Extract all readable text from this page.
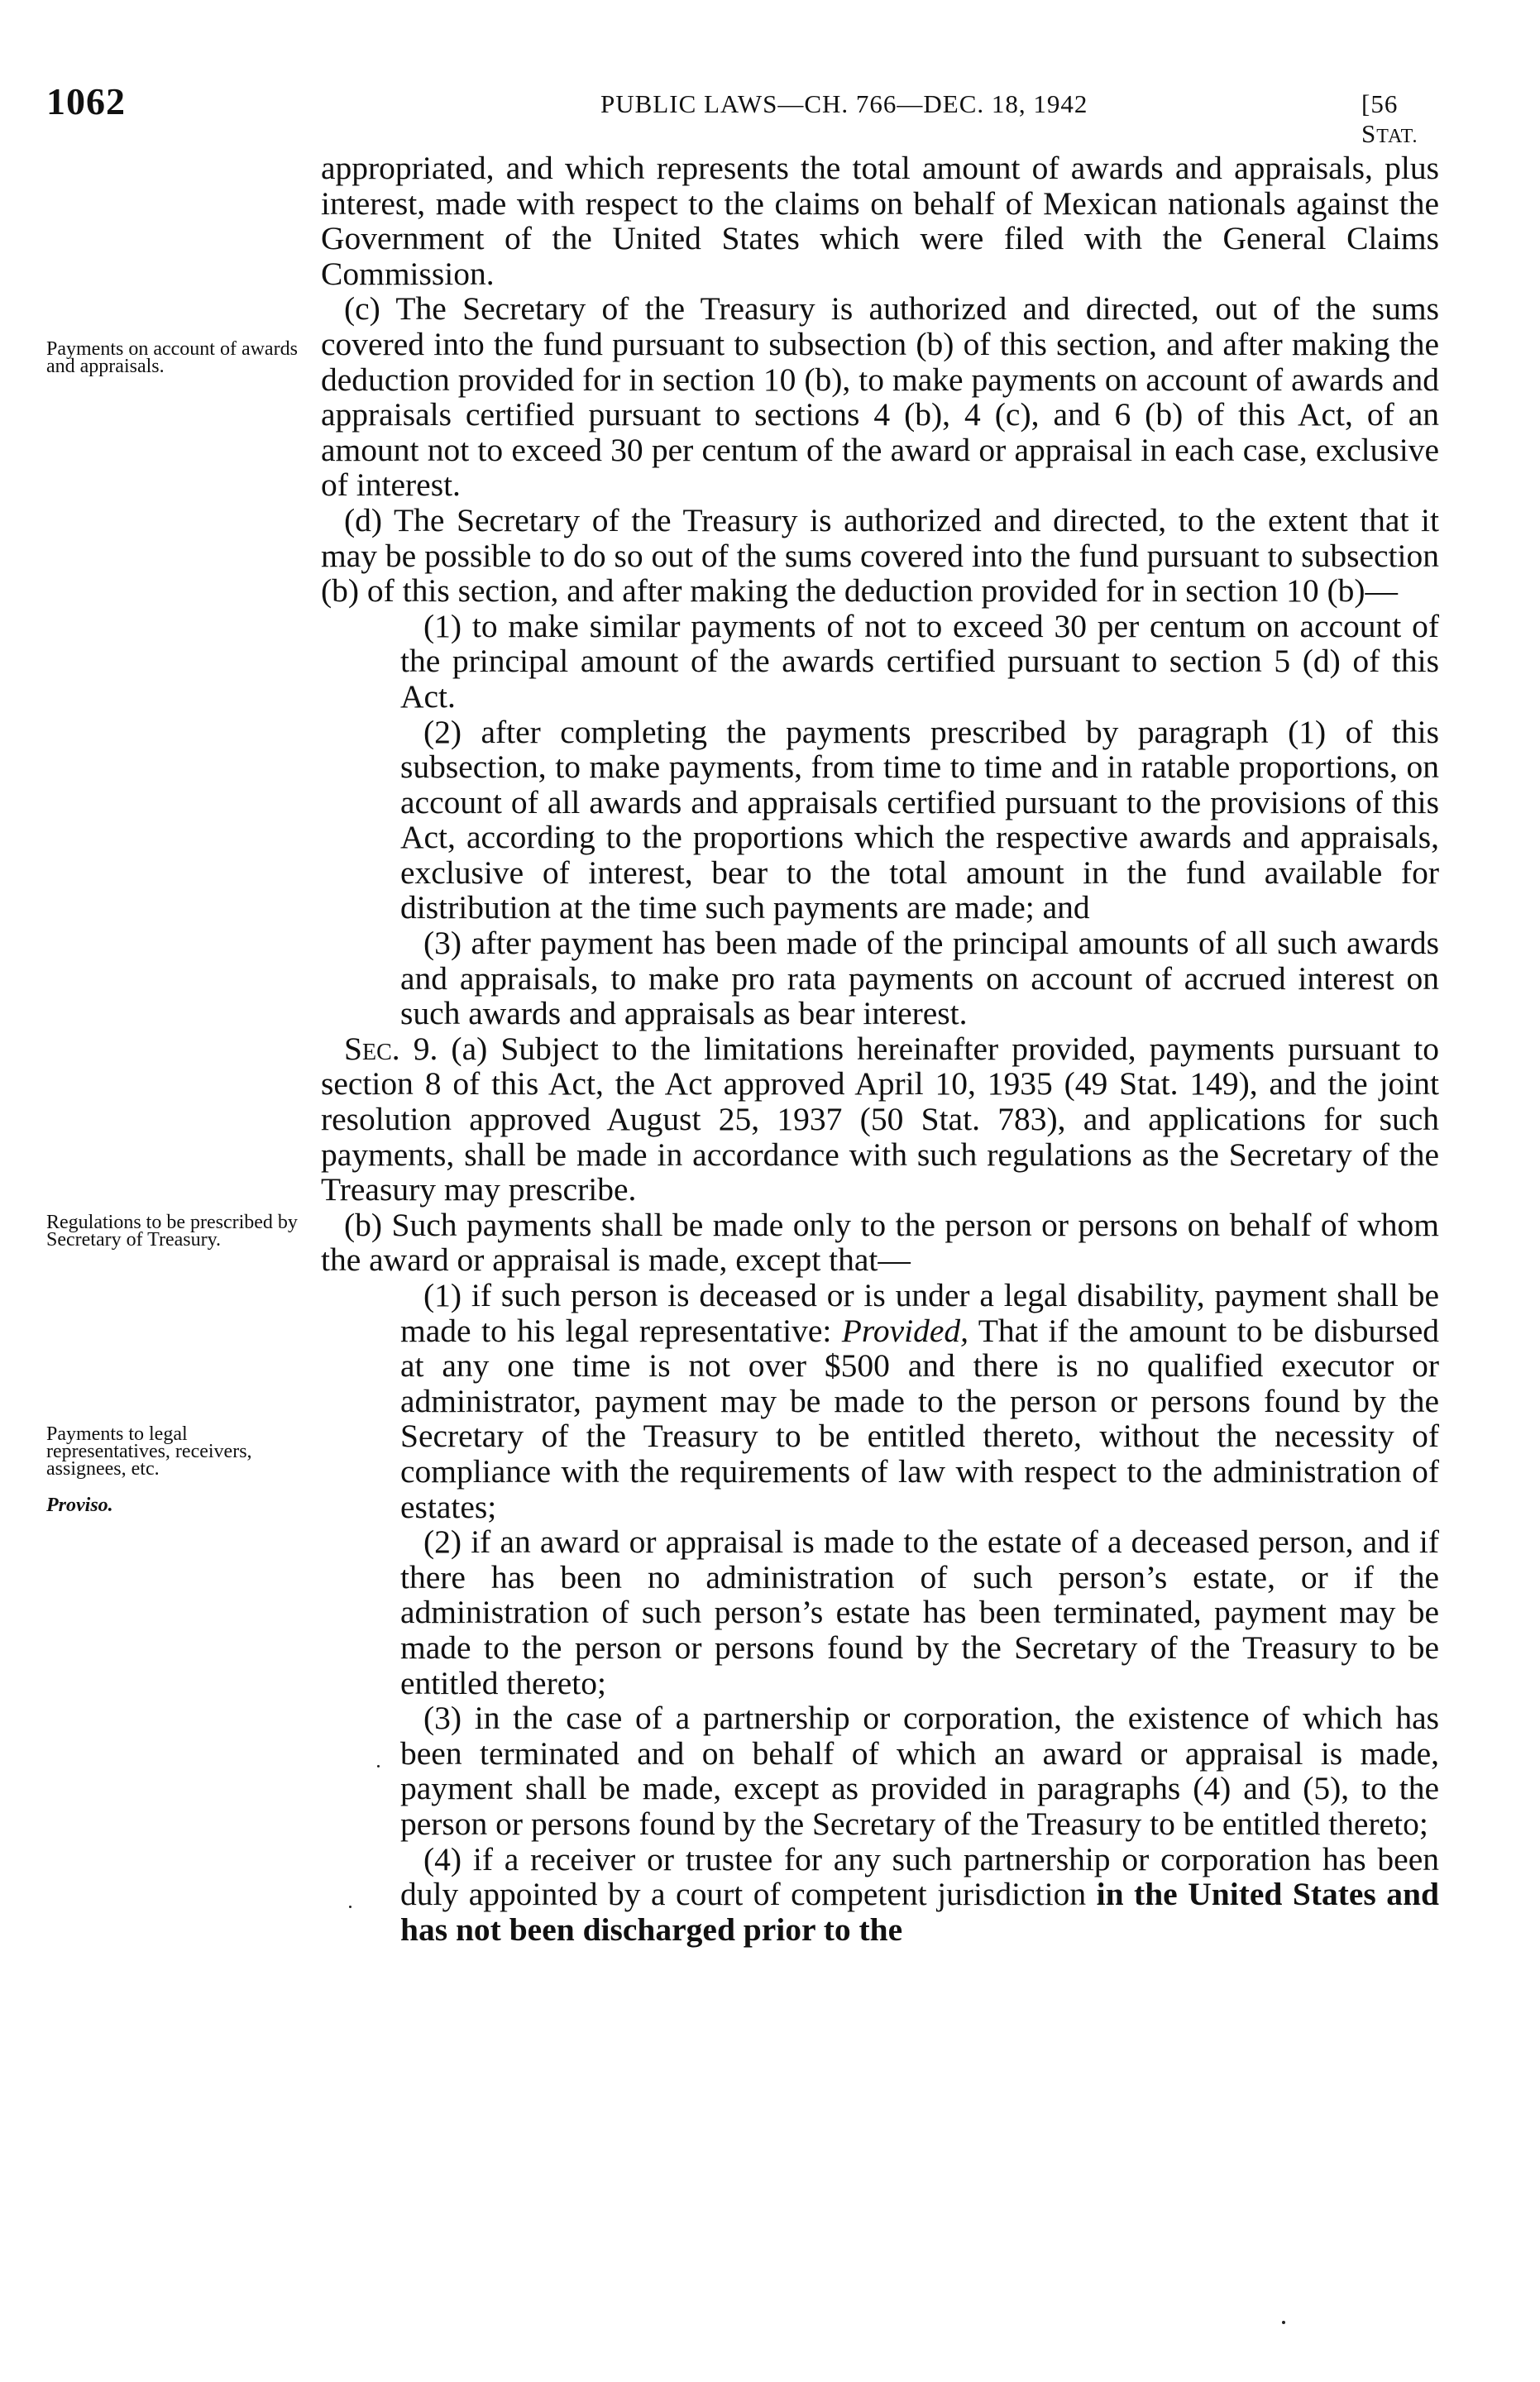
1062	PUBLIC LAWS—CH. 766—DEC. 18, 1942	[56 STAT.
Payments on account of awards and appraisals.
Regulations to be prescribed by Secretary of Treasury.
Payments to legal representatives, receivers, assignees, etc.
Proviso.

appropriated, and which represents the total amount of awards and appraisals, plus interest, made with respect to the claims on behalf of Mexican nationals against the Government of the United States which were filed with the General Claims Commission.

(c) The Secretary of the Treasury is authorized and directed, out of the sums covered into the fund pursuant to subsection (b) of this section, and after making the deduction provided for in section 10 (b), to make payments on account of awards and appraisals certified pursuant to sections 4 (b), 4 (c), and 6 (b) of this Act, of an amount not to exceed 30 per centum of the award or appraisal in each case, exclusive of interest.

(d) The Secretary of the Treasury is authorized and directed, to the extent that it may be possible to do so out of the sums covered into the fund pursuant to subsection (b) of this section, and after making the deduction provided for in section 10 (b)—

(1) to make similar payments of not to exceed 30 per centum on account of the principal amount of the awards certified pursuant to section 5 (d) of this Act.

(2) after completing the payments prescribed by paragraph (1) of this subsection, to make payments, from time to time and in ratable proportions, on account of all awards and appraisals certified pursuant to the provisions of this Act, according to the proportions which the respective awards and appraisals, exclusive of interest, bear to the total amount in the fund available for distribution at the time such payments are made; and

(3) after payment has been made of the principal amounts of all such awards and appraisals, to make pro rata payments on account of accrued interest on such awards and appraisals as bear interest.

Sec. 9. (a) Subject to the limitations hereinafter provided, payments pursuant to section 8 of this Act, the Act approved April 10, 1935 (49 Stat. 149), and the joint resolution approved August 25, 1937 (50 Stat. 783), and applications for such payments, shall be made in accordance with such regulations as the Secretary of the Treasury may prescribe.

(b) Such payments shall be made only to the person or persons on behalf of whom the award or appraisal is made, except that—

(1) if such person is deceased or is under a legal disability, payment shall be made to his legal representative: Provided, That if the amount to be disbursed at any one time is not over $500 and there is no qualified executor or administrator, payment may be made to the person or persons found by the Secretary of the Treasury to be entitled thereto, without the necessity of compliance with the requirements of law with respect to the administration of estates;

(2) if an award or appraisal is made to the estate of a deceased person, and if there has been no administration of such person’s estate, or if the administration of such person’s estate has been terminated, payment may be made to the person or persons found by the Secretary of the Treasury to be entitled thereto;

(3) in the case of a partnership or corporation, the existence of which has been terminated and on behalf of which an award or appraisal is made, payment shall be made, except as provided in paragraphs (4) and (5), to the person or persons found by the Secretary of the Treasury to be entitled thereto;

(4) if a receiver or trustee for any such partnership or corporation has been duly appointed by a court of competent jurisdiction in the United States and has not been discharged prior to the
